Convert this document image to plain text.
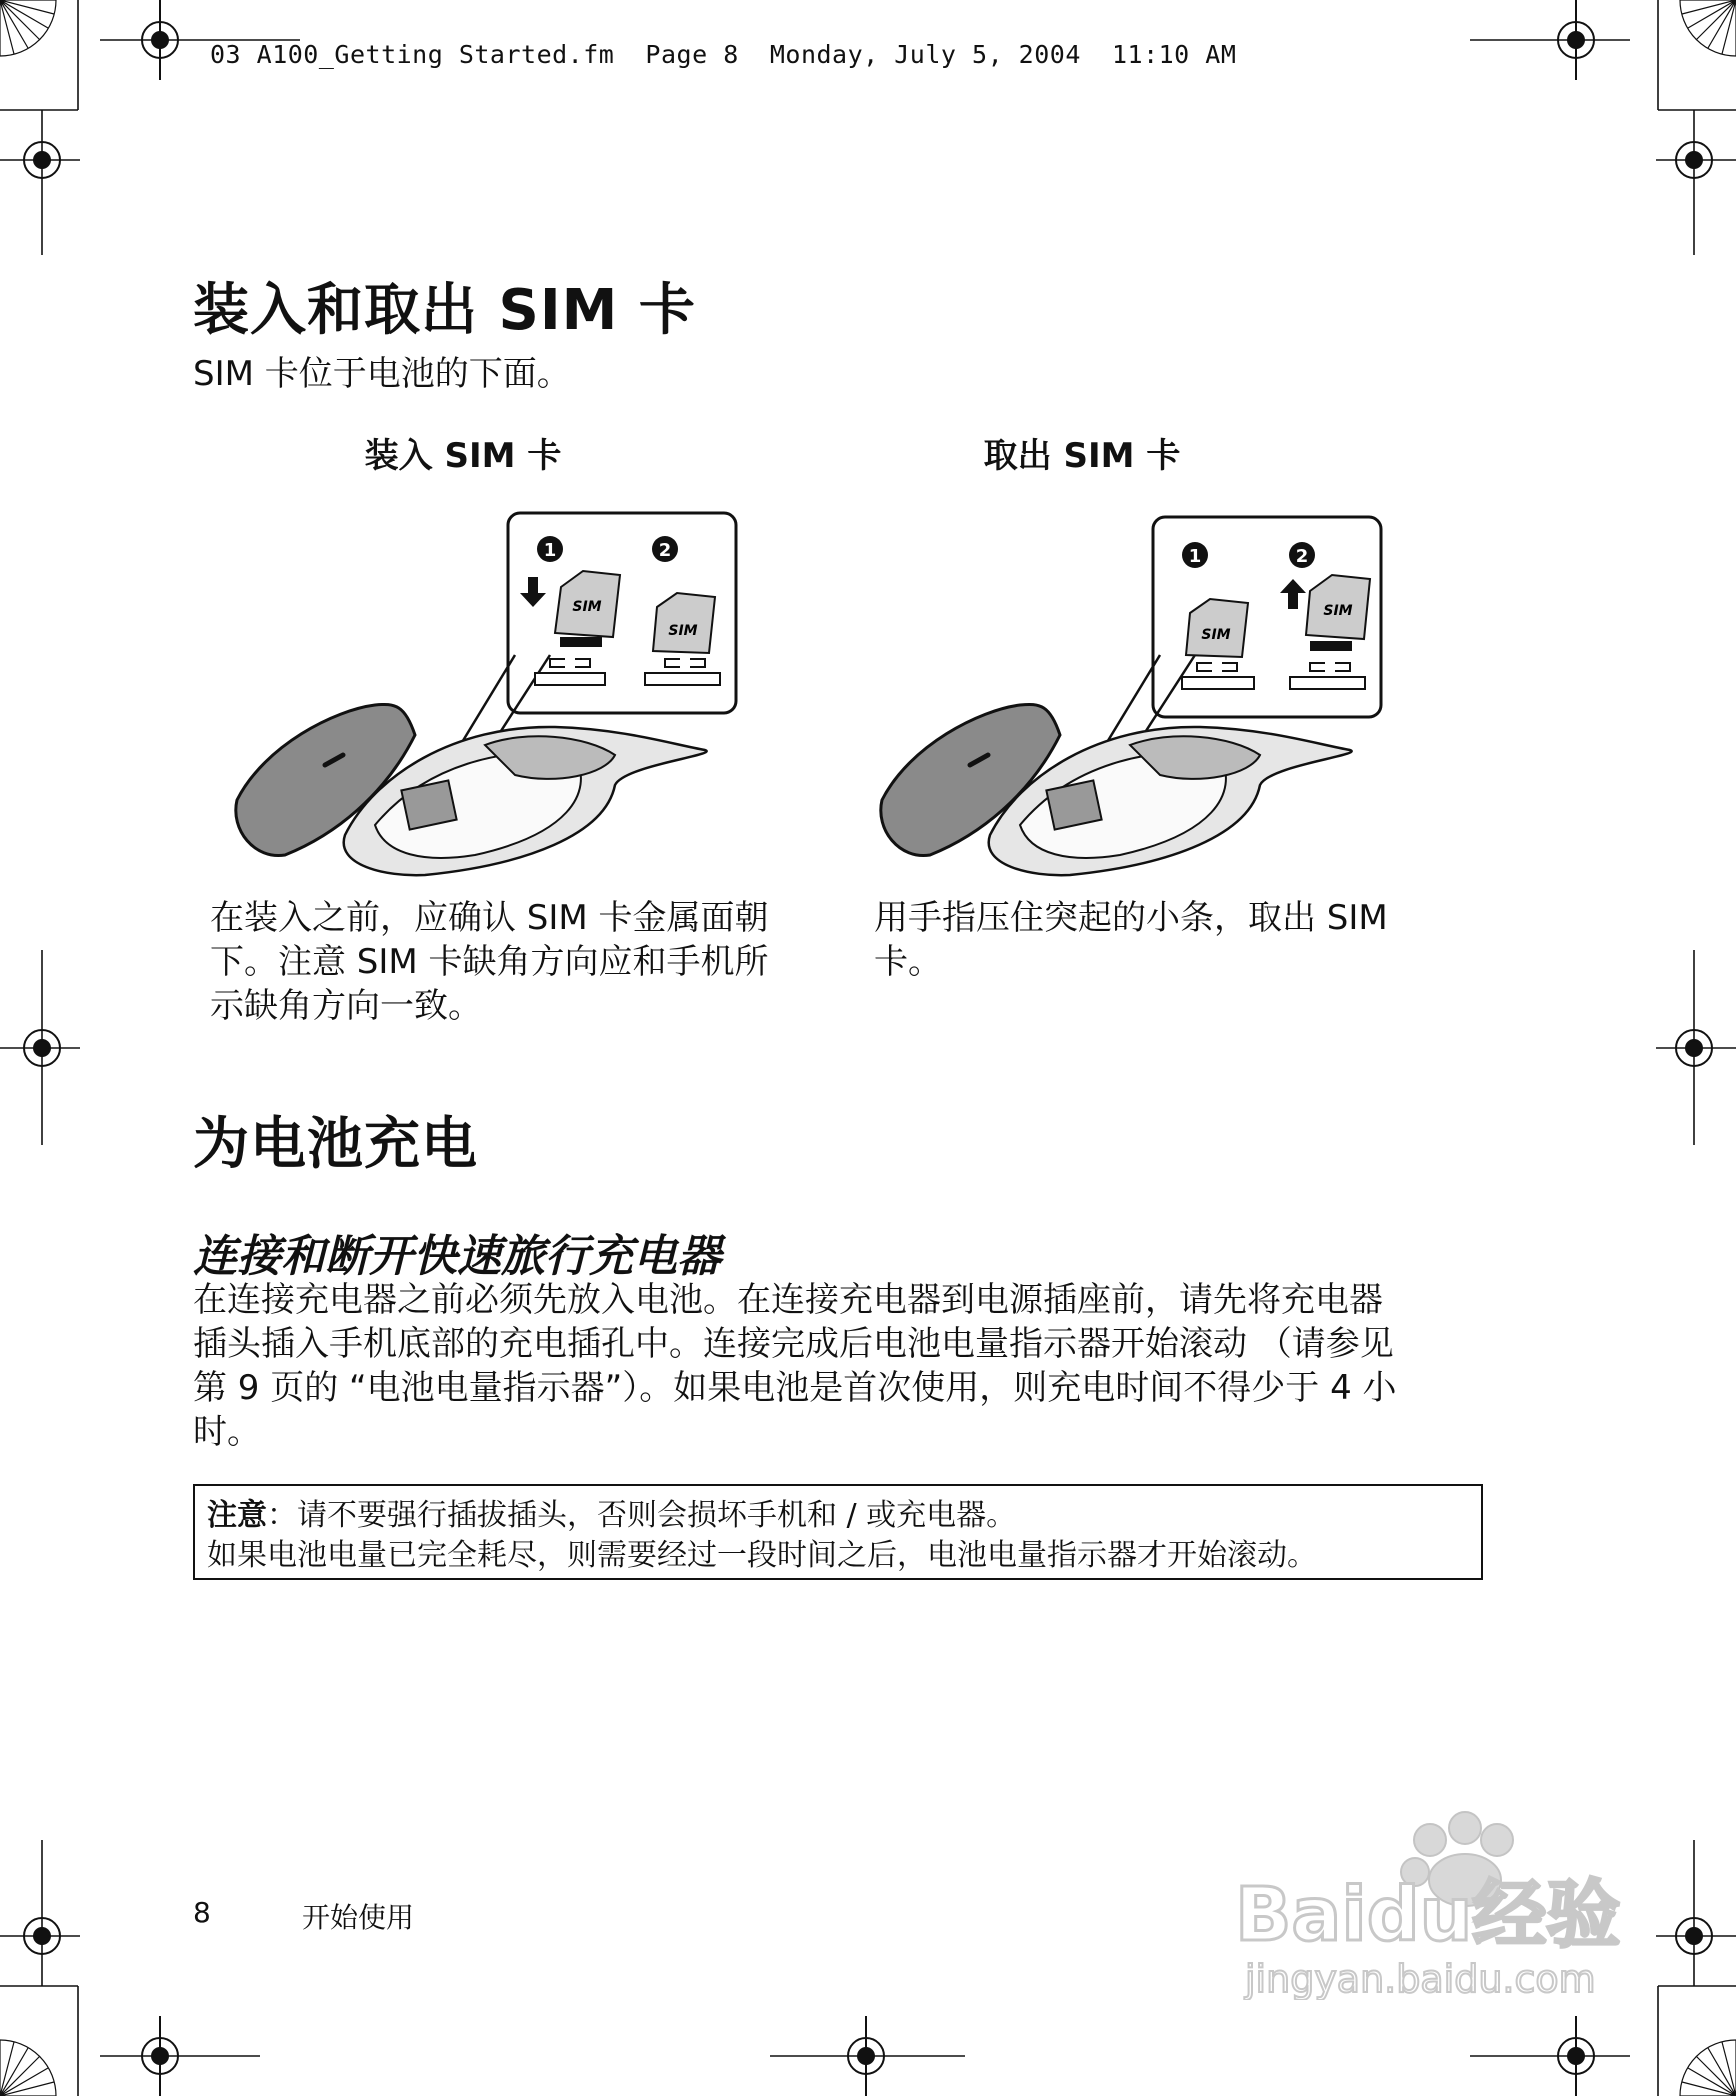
03 A100_Getting Started.fm  Page 8  Monday, July 5, 2004  11:10 AM
装入和取出 SIM 卡
SIM 卡位于电池的下面。
装入 SIM 卡	取出 SIM 卡
1	2
SIM
SIM
1	2
SIM
SIM
在装入之前，应确认 SIM 卡金属面朝
下。注意 SIM 卡缺角方向应和手机所
示缺角方向一致。
用手指压住突起的小条，取出 SIM
卡。
为电池充电
连接和断开快速旅行充电器
在连接充电器之前必须先放入电池。在连接充电器到电源插座前，请先将充电器
插头插入手机底部的充电插孔中。连接完成后电池电量指示器开始滚动 （请参见
第 9 页的 “电池电量指示器”）。如果电池是首次使用，则充电时间不得少于 4 小
时。
注意：请不要强行插拔插头，否则会损坏手机和 / 或充电器。
如果电池电量已完全耗尽，则需要经过一段时间之后，电池电量指示器才开始滚动。
8	开始使用	Baidu经验
jingyan.baidu.com
